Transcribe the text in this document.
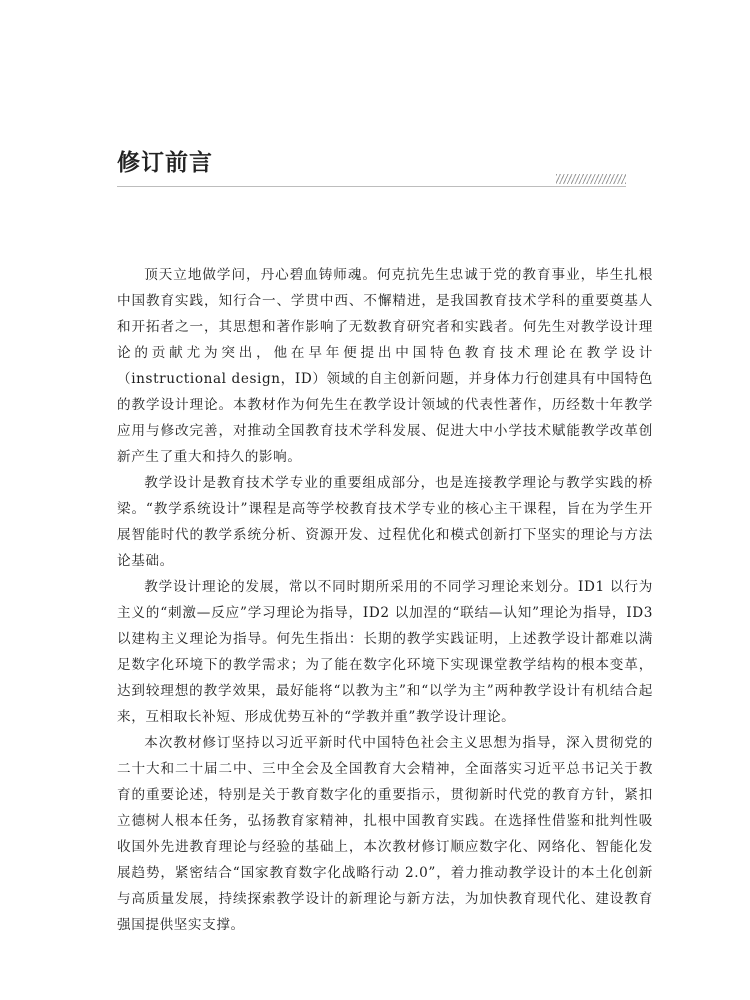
修订前言

顶天立地做学问，丹心碧血铸师魂。何克抗先生忠诚于党的教育事业，毕生扎根中国教育实践，知行合一、学贯中西、不懈精进，是我国教育技术学科的重要奠基人和开拓者之一，其思想和著作影响了无数教育研究者和实践者。何先生对教学设计理论的贡献尤为突出，他在早年便提出中国特色教育技术理论在教学设计（instructional design，ID）领域的自主创新问题，并身体力行创建具有中国特色的教学设计理论。本教材作为何先生在教学设计领域的代表性著作，历经数十年教学应用与修改完善，对推动全国教育技术学科发展、促进大中小学技术赋能教学改革创新产生了重大和持久的影响。

教学设计是教育技术学专业的重要组成部分，也是连接教学理论与教学实践的桥梁。“教学系统设计”课程是高等学校教育技术学专业的核心主干课程，旨在为学生开展智能时代的教学系统分析、资源开发、过程优化和模式创新打下坚实的理论与方法论基础。

教学设计理论的发展，常以不同时期所采用的不同学习理论来划分。ID1 以行为主义的“刺激—反应”学习理论为指导，ID2 以加涅的“联结—认知”理论为指导，ID3 以建构主义理论为指导。何先生指出：长期的教学实践证明，上述教学设计都难以满足数字化环境下的教学需求；为了能在数字化环境下实现课堂教学结构的根本变革，达到较理想的教学效果，最好能将“以教为主”和“以学为主”两种教学设计有机结合起来，互相取长补短、形成优势互补的“学教并重”教学设计理论。

本次教材修订坚持以习近平新时代中国特色社会主义思想为指导，深入贯彻党的二十大和二十届二中、三中全会及全国教育大会精神，全面落实习近平总书记关于教育的重要论述，特别是关于教育数字化的重要指示，贯彻新时代党的教育方针，紧扣立德树人根本任务，弘扬教育家精神，扎根中国教育实践。在选择性借鉴和批判性吸收国外先进教育理论与经验的基础上，本次教材修订顺应数字化、网络化、智能化发展趋势，紧密结合“国家教育数字化战略行动 2.0”，着力推动教学设计的本土化创新与高质量发展，持续探索教学设计的新理论与新方法，为加快教育现代化、建设教育强国提供坚实支撑。
